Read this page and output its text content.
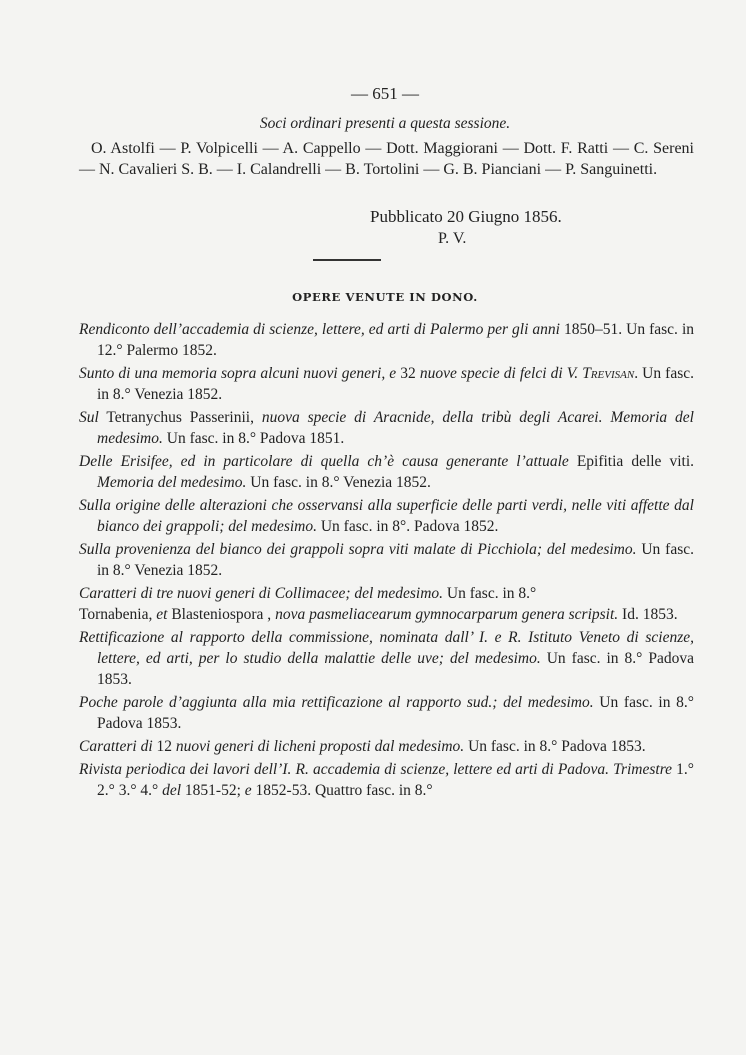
— 651 —
Soci ordinari presenti a questa sessione.
O. Astolfi — P. Volpicelli — A. Cappello — Dott. Maggiorani — Dott. F. Ratti — C. Sereni — N. Cavalieri S. B. — I. Calandrelli — B. Tortolini — G. B. Pianciani — P. Sanguinetti.
Pubblicato 20 Giugno 1856.
P. V.
OPERE VENUTE IN DONO.

Rendiconto dell’accademia di scienze, lettere, ed arti di Palermo per gli anni 1850–51. Un fasc. in 12.° Palermo 1852.

Sunto di una memoria sopra alcuni nuovi generi, e 32 nuove specie di felci di V. Trevisan. Un fasc. in 8.° Venezia 1852.

Sul Tetranychus Passerinii, nuova specie di Aracnide, della tribù degli Acarei. Memoria del medesimo. Un fasc. in 8.° Padova 1851.

Delle Erisifee, ed in particolare di quella ch’è causa generante l’attuale Epifitia delle viti. Memoria del medesimo. Un fasc. in 8.° Venezia 1852.

Sulla origine delle alterazioni che osservansi alla superficie delle parti verdi, nelle viti affette dal bianco dei grappoli; del medesimo. Un fasc. in 8°. Padova 1852.

Sulla provenienza del bianco dei grappoli sopra viti malate di Picchiola; del medesimo. Un fasc. in 8.° Venezia 1852.

Caratteri di tre nuovi generi di Collimacee; del medesimo. Un fasc. in 8.°

Tornabenia, et Blasteniospora , nova pasmeliacearum gymnocarparum genera scripsit. Id. 1853.

Rettificazione al rapporto della commissione, nominata dall’ I. e R. Istituto Veneto di scienze, lettere, ed arti, per lo studio della malattie delle uve; del medesimo. Un fasc. in 8.° Padova 1853.

Poche parole d’aggiunta alla mia rettificazione al rapporto sud.; del medesimo. Un fasc. in 8.° Padova 1853.

Caratteri di 12 nuovi generi di licheni proposti dal medesimo. Un fasc. in 8.° Padova 1853.

Rivista periodica dei lavori dell’I. R. accademia di scienze, lettere ed arti di Padova. Trimestre 1.° 2.° 3.° 4.° del 1851-52; e 1852-53. Quattro fasc. in 8.°
